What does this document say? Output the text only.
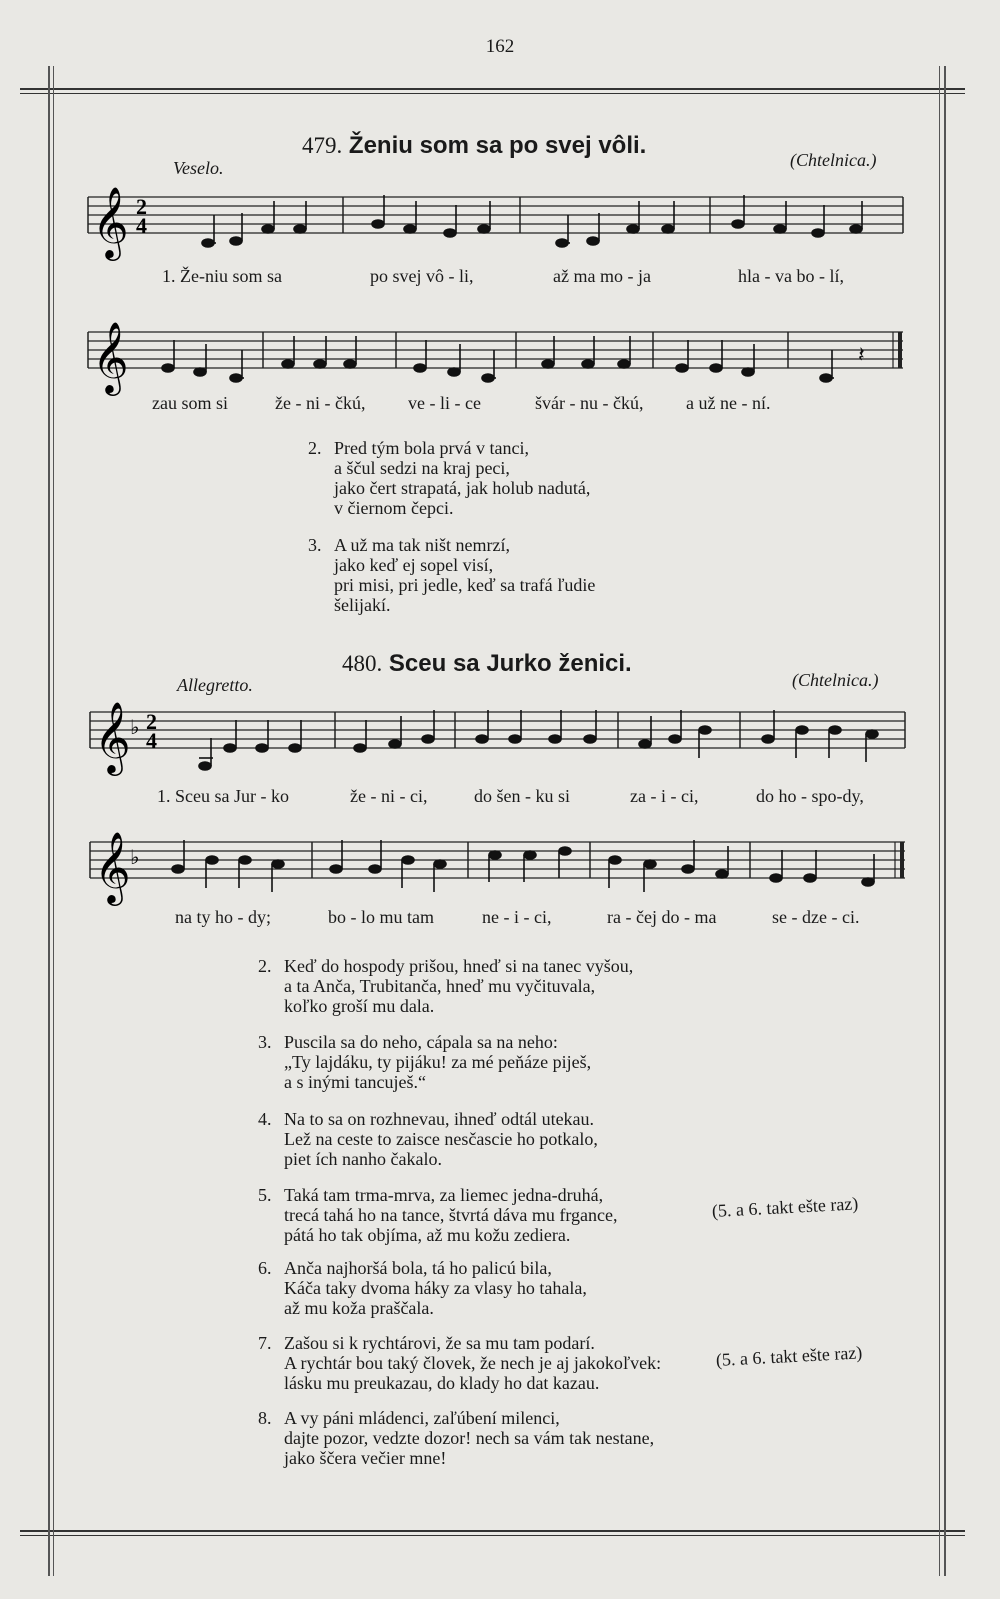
162
Veselo.
479. Ženiu som sa po svej vôli.
(Chtelnica.)
𝄞 2
4
1. Že-niu som sa	po svej vô - li,	až ma mo - ja	hla - va bo - lí,
𝄞	𝄽
zau som si	že - ni - čkú, ve - li - ce	švár - nu - čkú, a už ne - ní.
2. Pred tým bola prvá v tanci,
a ščul sedzi na kraj peci,
jako čert strapatá, jak holub nadutá,
v čiernom čepci.
3. A už ma tak ništ nemrzí,
jako keď ej sopel visí,
pri misi, pri jedle, keď sa trafá ľudie
šelijakí.
Allegretto.
480. Sceu sa Jurko ženici.
(Chtelnica.)
𝄞 ♭ 2
4
1. Sceu sa Jur - ko	že - ni - ci,	do šen - ku si	za - i - ci,	do ho - spo-dy,
𝄞 ♭
na ty ho - dy;	bo - lo mu tam	ne - i - ci,	ra - čej do - ma	se - dze - ci.
2. Keď do hospody prišou, hneď si na tanec vyšou,
a ta Anča, Trubitanča, hneď mu vyčituvala,
koľko groší mu dala.
3. Puscila sa do neho, cápala sa na neho:
„Ty lajdáku, ty pijáku! za mé peňáze piješ,
a s inými tancuješ.“
4. Na to sa on rozhnevau, ihneď odtál utekau.
Lež na ceste to zaisce nesčascie ho potkalo,
piet ích nanho čakalo.
5. Taká tam trma-mrva, za liemec jedna-druhá,
trecá tahá ho na tance, štvrtá dáva mu frgance,
pátá ho tak objíma, až mu kožu zediera.
(5. a 6. takt ešte raz)
6. Anča najhoršá bola, tá ho palicú bila,
Káča taky dvoma háky za vlasy ho tahala,
až mu koža praščala.
7. Zašou si k rychtárovi, že sa mu tam podarí.
A rychtár bou taký človek, že nech je aj jakokoľvek:
lásku mu preukazau, do klady ho dat kazau.
(5. a 6. takt ešte raz)
8. A vy páni mládenci, zaľúbení milenci,
dajte pozor, vedzte dozor! nech sa vám tak nestane,
jako ščera večier mne!
